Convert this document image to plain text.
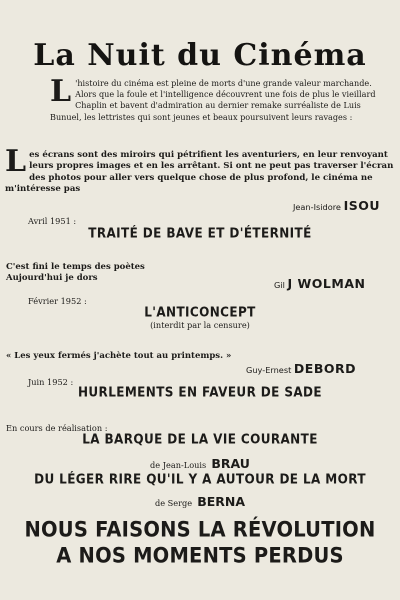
La Nuit du Cinéma
L 'histoire du cinéma est pleine de morts d'une grande valeur marchande. Alors que la foule et l'intelligence découvrent une fois de plus le vieillard Chaplin et bavent d'admiration au dernier remake surréaliste de Luis Bunuel, les lettristes qui sont jeunes et beaux poursuivent leurs ravages :
L es écrans sont des miroirs qui pétrifient les aventuriers, en leur renvoyant leurs propres images et en les arrêtant. Si ont ne peut pas traverser l'écran des photos pour aller vers quelque chose de plus profond, le cinéma ne m'intéresse pas
Jean-Isidore ISOU
Avril 1951 :
TRAITÉ DE BAVE ET D'ÉTERNITÉ
C'est fini le temps des poètes
Aujourd'hui je dors
Gil J WOLMAN
Février 1952 :
L'ANTICONCEPT
(interdit par la censure)
« Les yeux fermés j'achète tout au printemps. »
Guy-Ernest DEBORD
Juin 1952 :
HURLEMENTS EN FAVEUR DE SADE
En cours de réalisation :
LA BARQUE DE LA VIE COURANTE
de Jean-Louis BRAU
DU LÉGER RIRE QU'IL Y A AUTOUR DE LA MORT
de Serge BERNA
NOUS FAISONS LA RÉVOLUTION
A NOS MOMENTS PERDUS
